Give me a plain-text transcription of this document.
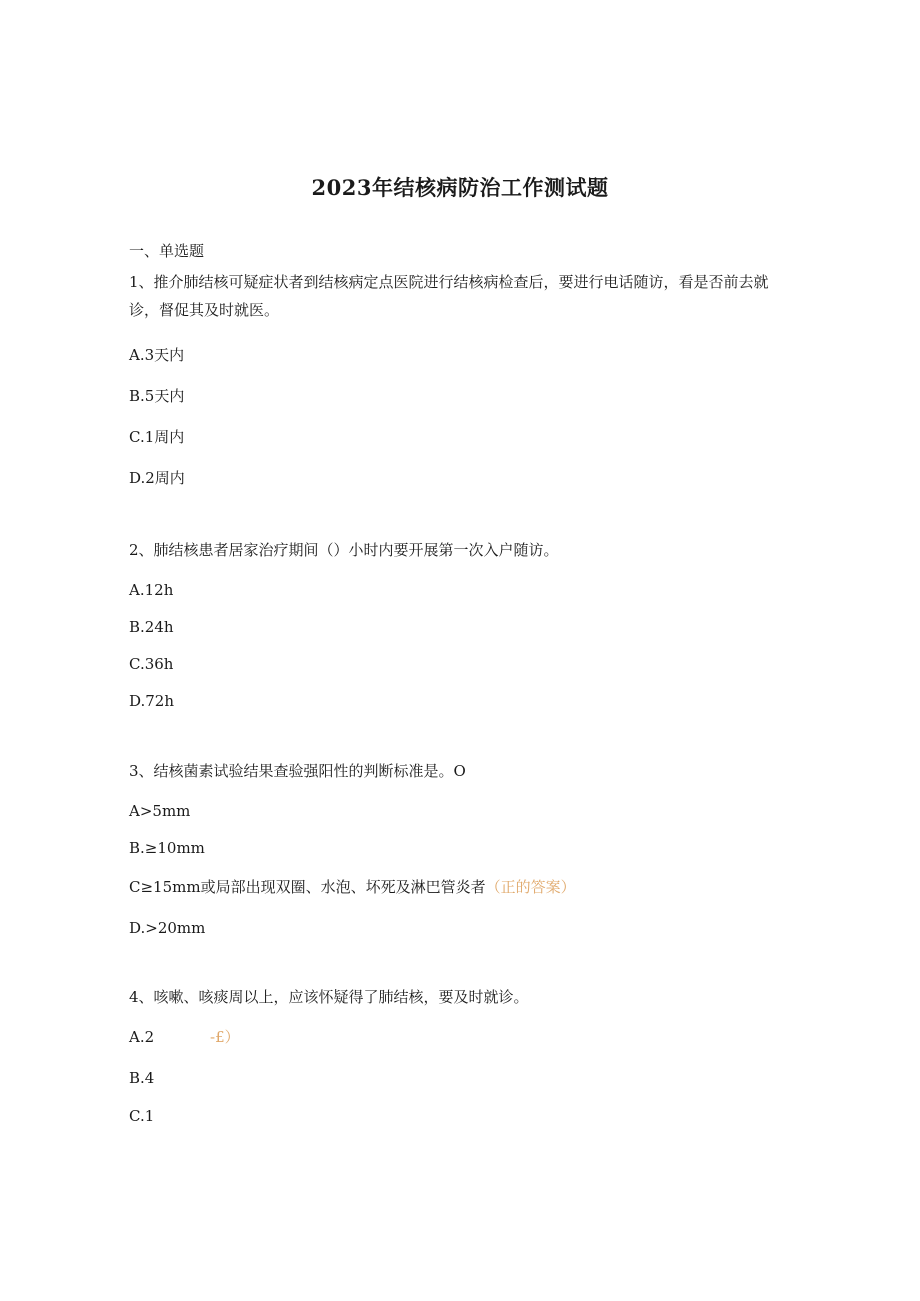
2023年结核病防治工作测试题
一、单选题
1、推介肺结核可疑症状者到结核病定点医院进行结核病检查后，要进行电话随访，看是否前去就诊，督促其及时就医。
A.3天内
B.5天内
C.1周内
D.2周内
2、肺结核患者居家治疗期间（）小时内要开展第一次入户随访。
A.12h
B.24h
C.36h
D.72h
3、结核菌素试验结果查验强阳性的判断标准是。O
A>5mm
B.≥10mm
C≥15mm或局部出现双圈、水泡、坏死及淋巴管炎者（正的答案）
D.>20mm
4、咳嗽、咳痰周以上，应该怀疑得了肺结核，要及时就诊。
A.2	-£）
B.4
C.1
